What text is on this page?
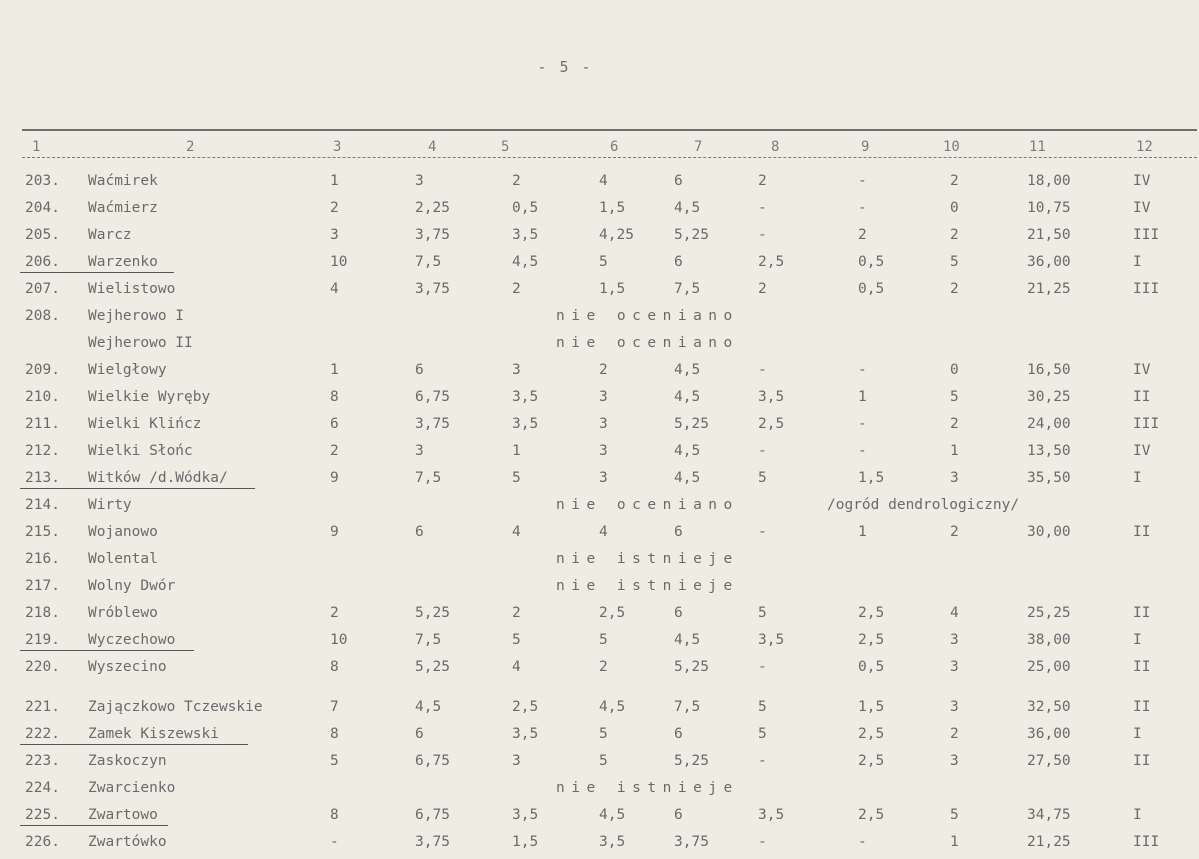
- 5 -
1	2	3	4	5	6	7	8	9	10	11	12
203. Waćmirek	1	3	2	4	6	2	-	2	18,00	IV
204. Waćmierz	2	2,25	0,5	1,5	4,5	-	-	0	10,75	IV
205. Warcz	3	3,75	3,5	4,25	5,25	-	2	2	21,50	III
206. Warzenko	10	7,5	4,5	5	6	2,5	0,5	5	36,00	I
207. Wielistowo	4	3,75	2	1,5	7,5	2	0,5	2	21,25	III
208. Wejherowo I	nie oceniano
Wejherowo II	nie oceniano
209. Wielgłowy	1	6	3	2	4,5	-	-	0	16,50	IV
210. Wielkie Wyręby	8	6,75	3,5	3	4,5	3,5	1	5	30,25	II
211. Wielki Klińcz	6	3,75	3,5	3	5,25	2,5	-	2	24,00	III
212. Wielki Słońc	2	3	1	3	4,5	-	-	1	13,50	IV
213. Witków /d.Wódka/	9	7,5	5	3	4,5	5	1,5	3	35,50	I
214. Wirty	nie oceniano	/ogród dendrologiczny/
215. Wojanowo	9	6	4	4	6	-	1	2	30,00	II
216. Wolental	nie istnieje
217. Wolny Dwór	nie istnieje
218. Wróblewo	2	5,25	2	2,5	6	5	2,5	4	25,25	II
219. Wyczechowo	10	7,5	5	5	4,5	3,5	2,5	3	38,00	I
220. Wyszecino	8	5,25	4	2	5,25	-	0,5	3	25,00	II
221. Zajączkowo Tczewskie	7	4,5	2,5	4,5	7,5	5	1,5	3	32,50	II
222. Zamek Kiszewski	8	6	3,5	5	6	5	2,5	2	36,00	I
223. Zaskoczyn	5	6,75	3	5	5,25	-	2,5	3	27,50	II
224. Zwarcienko	nie istnieje
225. Zwartowo	8	6,75	3,5	4,5	6	3,5	2,5	5	34,75	I
226. Zwartówko	-	3,75	1,5	3,5	3,75	-	-	1	21,25	III
